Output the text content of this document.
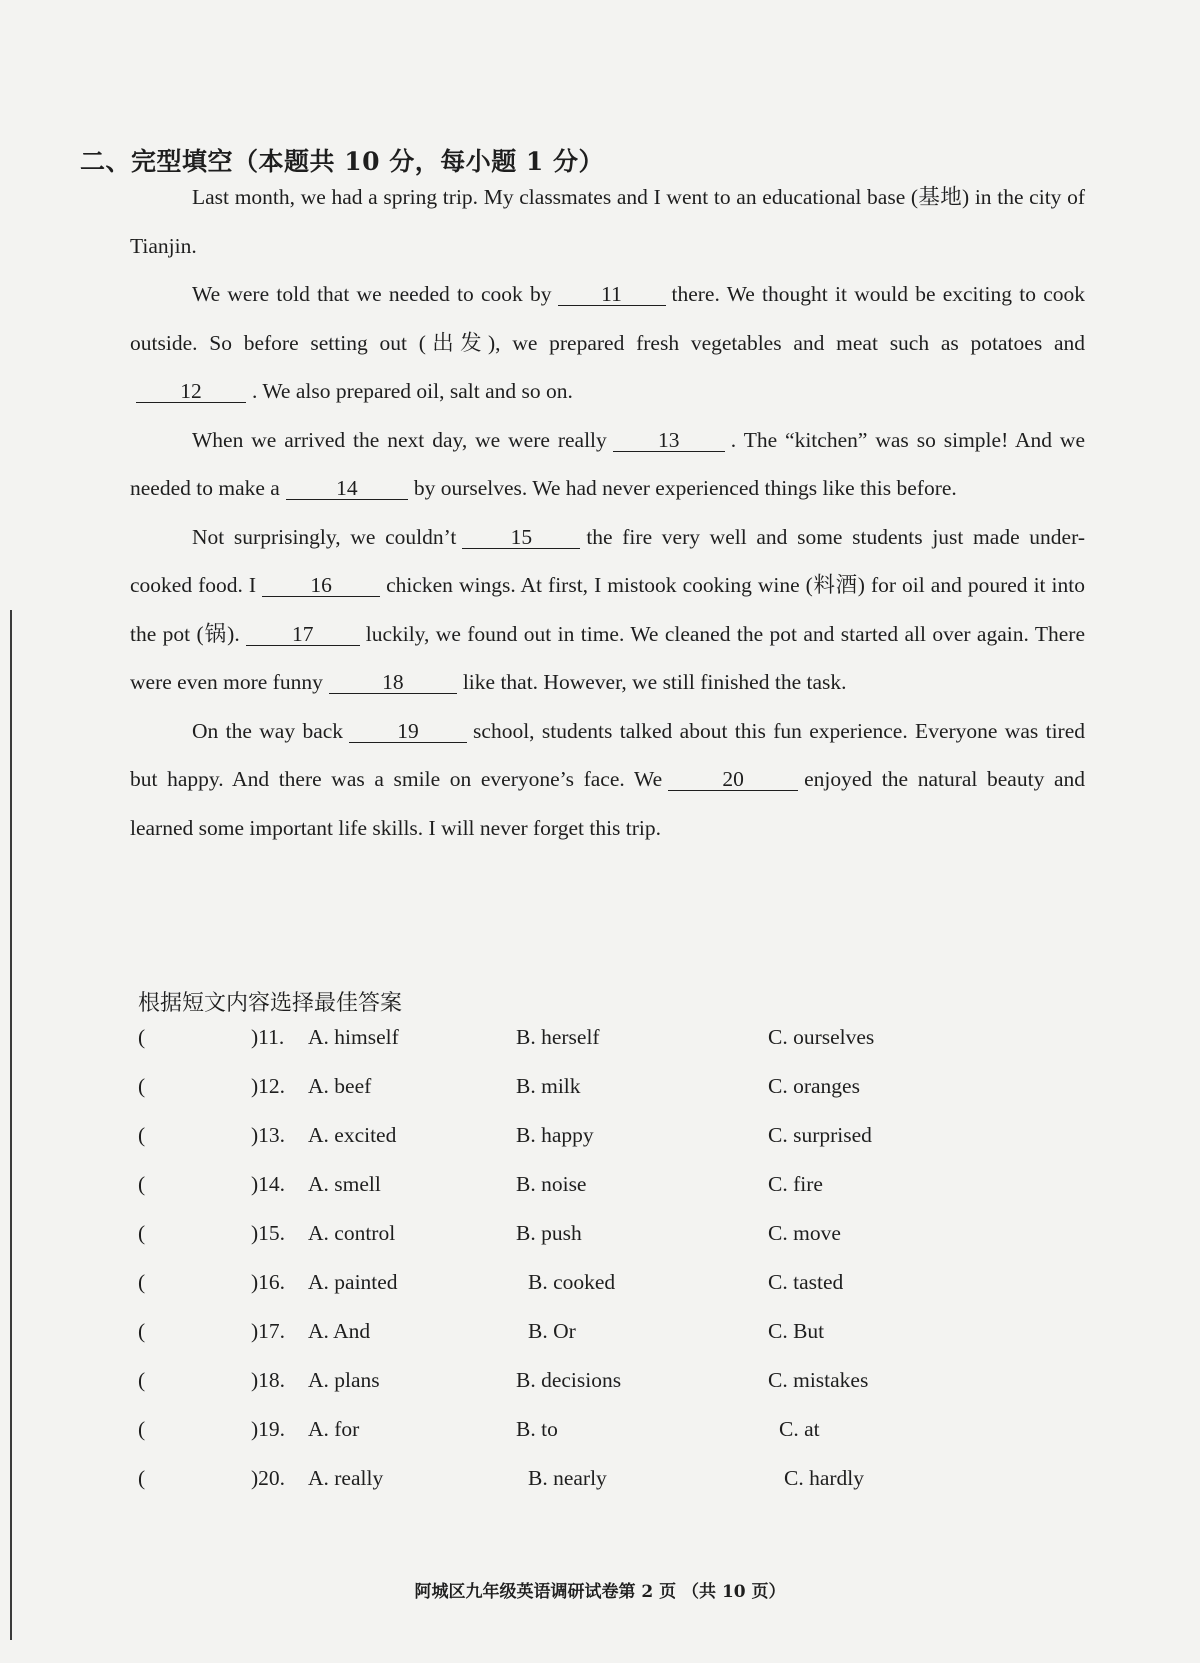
二、完型填空（本题共 10 分，每小题 1 分）

Last month, we had a spring trip. My classmates and I went to an educational base (基地) in the city of Tianjin.

We were told that we needed to cook by 11 there. We thought it would be exciting to cook outside. So before setting out (出发), we prepared fresh vegetables and meat such as potatoes and12 . We also prepared oil, salt and so on.

When we arrived the next day, we were really 13 . The “kitchen” was so simple! And we needed to make a	14	by ourselves. We had never experienced things like this before.

Not surprisingly, we couldn’t	15	the fire very well and some students just made under-cooked food. I	16	chicken wings. At first, I mistook cooking wine (料酒) for oil and poured it into the pot (锅). 17 luckily, we found out in time. We cleaned the pot and started all over again. There were even more funny	18	like that. However, we still finished the task.

On the way back	19	school, students talked about this fun experience. Everyone was tired but happy. And there was a smile on everyone’s face. We	20	enjoyed the natural beauty and learned some important life skills. I will never forget this trip.

根据短文内容选择最佳答案
(	)11. A. himself	B. herself	C. ourselves
(	)12. A. beef	B. milk	C. oranges
(	)13. A. excited	B. happy	C. surprised
(	)14. A. smell	B. noise	C. fire
(	)15. A. control	B. push	C. move
(	)16. A. painted	B. cooked	C. tasted
(	)17. A. And	B. Or	C. But
(	)18. A. plans	B. decisions	C. mistakes
(	)19. A. for	B. to	C. at
(	)20. A. really	B. nearly	C. hardly
阿城区九年级英语调研试卷第 2 页 （共 10 页）
